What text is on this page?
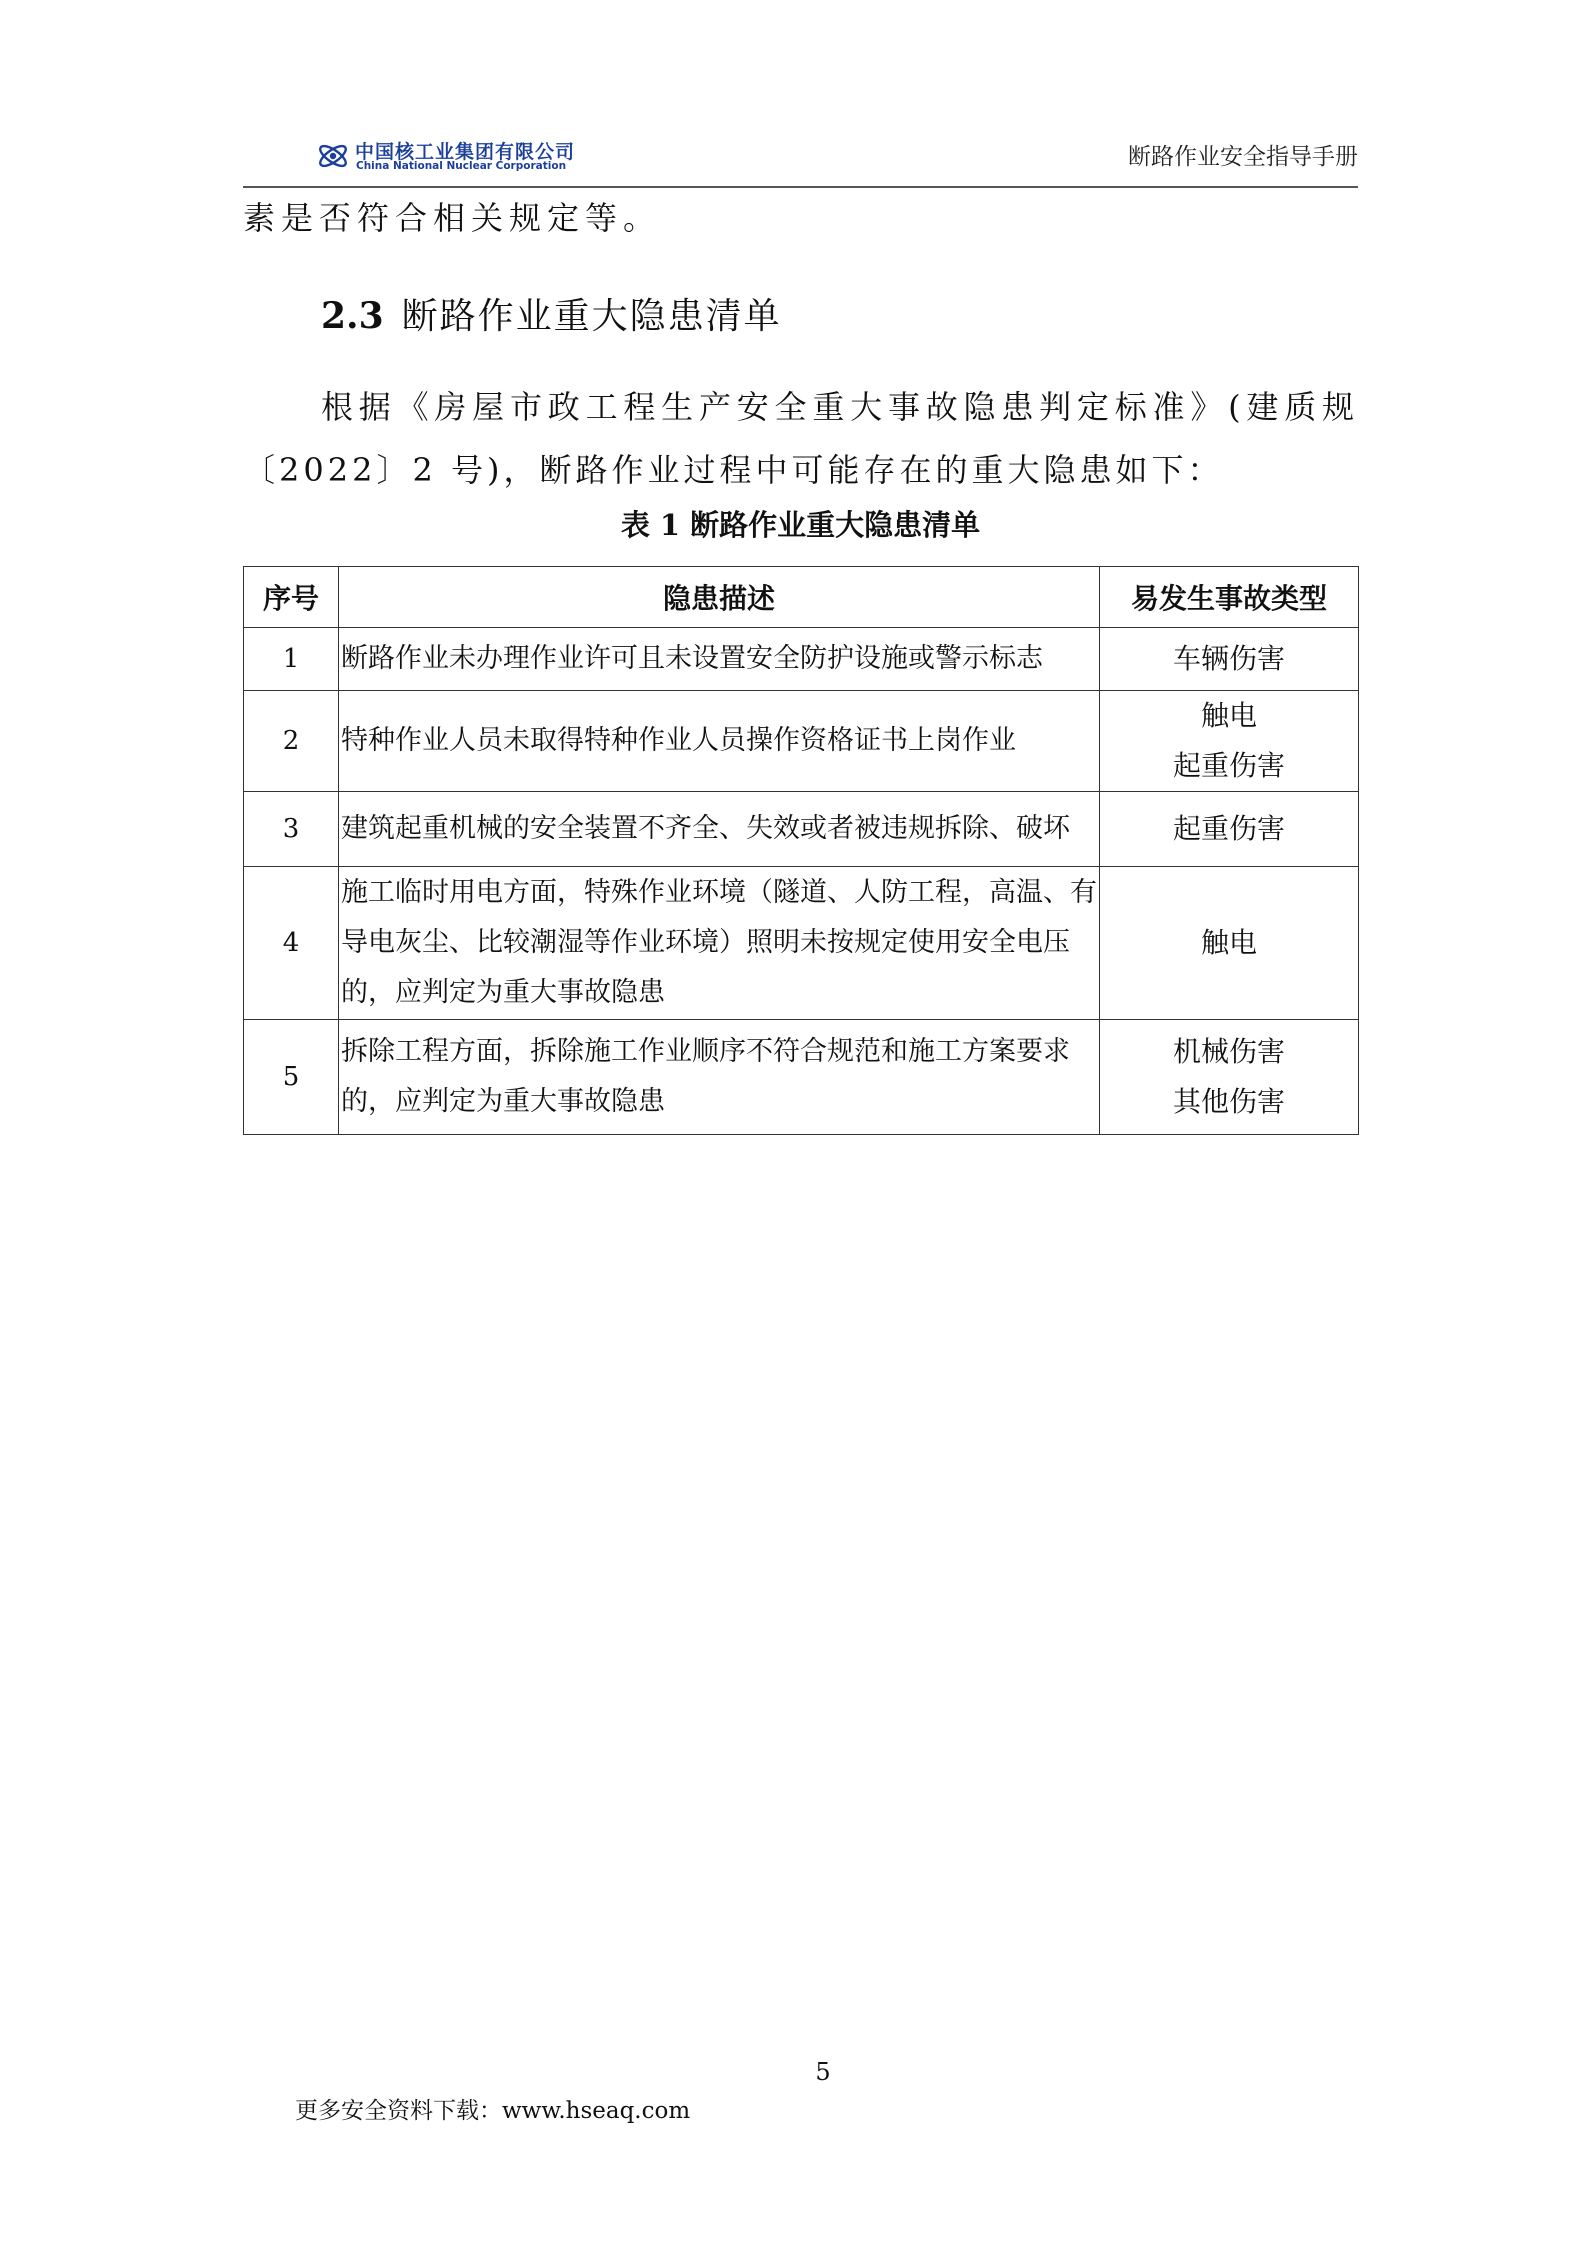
中国核工业集团有限公司
China National Nuclear Corporation	断路作业安全指导手册
素是否符合相关规定等。
2.3 断路作业重大隐患清单
根据《房屋市政工程生产安全重大事故隐患判定标准》(建质规〔2022〕2 号)，断路作业过程中可能存在的重大隐患如下：
表 1 断路作业重大隐患清单
序号	隐患描述	易发生事故类型
1	断路作业未办理作业许可且未设置安全防护设施或警示标志	车辆伤害

2	特种作业人员未取得特种作业人员操作资格证书上岗作业	触电
起重伤害

3	建筑起重机械的安全装置不齐全、失效或者被违规拆除、破坏	起重伤害

4	施工临时用电方面，特殊作业环境（隧道、人防工程，高温、有导电灰尘、比较潮湿等作业环境）照明未按规定使用安全电压的，应判定为重大事故隐患	触电

5	拆除工程方面，拆除施工作业顺序不符合规范和施工方案要求的，应判定为重大事故隐患	机械伤害
其他伤害
5
更多安全资料下载：www.hseaq.com
